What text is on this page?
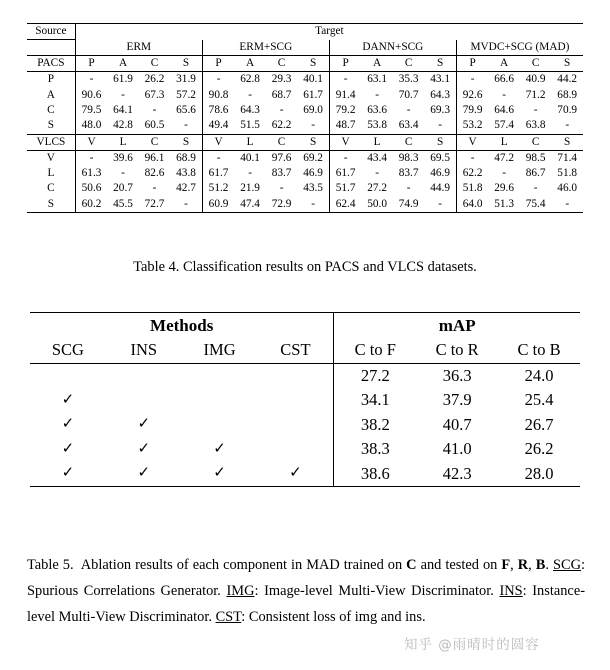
Source	Target															
	ERM				ERM+SCG				DANN+SCG				MVDC+SCG (MAD)			
PACS	P	A	C	S	P	A	C	S	P	A	C	S	P	A	C	S
P	-	61.9	26.2	31.9	-	62.8	29.3	40.1	-	63.1	35.3	43.1	-	66.6	40.9	44.2
A	90.6	-	67.3	57.2	90.8	-	68.7	61.7	91.4	-	70.7	64.3	92.6	-	71.2	68.9
C	79.5	64.1	-	65.6	78.6	64.3	-	69.0	79.2	63.6	-	69.3	79.9	64.6	-	70.9
S	48.0	42.8	60.5	-	49.4	51.5	62.2	-	48.7	53.8	63.4	-	53.2	57.4	63.8	-
VLCS	V	L	C	S	V	L	C	S	V	L	C	S	V	L	C	S
V	-	39.6	96.1	68.9	-	40.1	97.6	69.2	-	43.4	98.3	69.5	-	47.2	98.5	71.4
L	61.3	-	82.6	43.8	61.7	-	83.7	46.9	61.7	-	83.7	46.9	62.2	-	86.7	51.8
C	50.6	20.7	-	42.7	51.2	21.9	-	43.5	51.7	27.2	-	44.9	51.8	29.6	-	46.0
S	60.2	45.5	72.7	-	60.9	47.4	72.9	-	62.4	50.0	74.9	-	64.0	51.3	75.4	-
Table 4. Classification results on PACS and VLCS datasets.
Methods				mAP		
SCG	INS	IMG	CST	C to F	C to R	C to B
				27.2	36.3	24.0
✓				34.1	37.9	25.4
✓	✓			38.2	40.7	26.7
✓	✓	✓		38.3	41.0	26.2
✓	✓	✓	✓	38.6	42.3	28.0
Table 5.  Ablation results of each component in MAD trained on C and tested on F, R, B. SCG: Spurious Correlations Generator. IMG: Image-level Multi-View Discriminator. INS: Instance-level Multi-View Discriminator. CST: Consistent loss of img and ins.
知乎 @雨晴时的圆容
